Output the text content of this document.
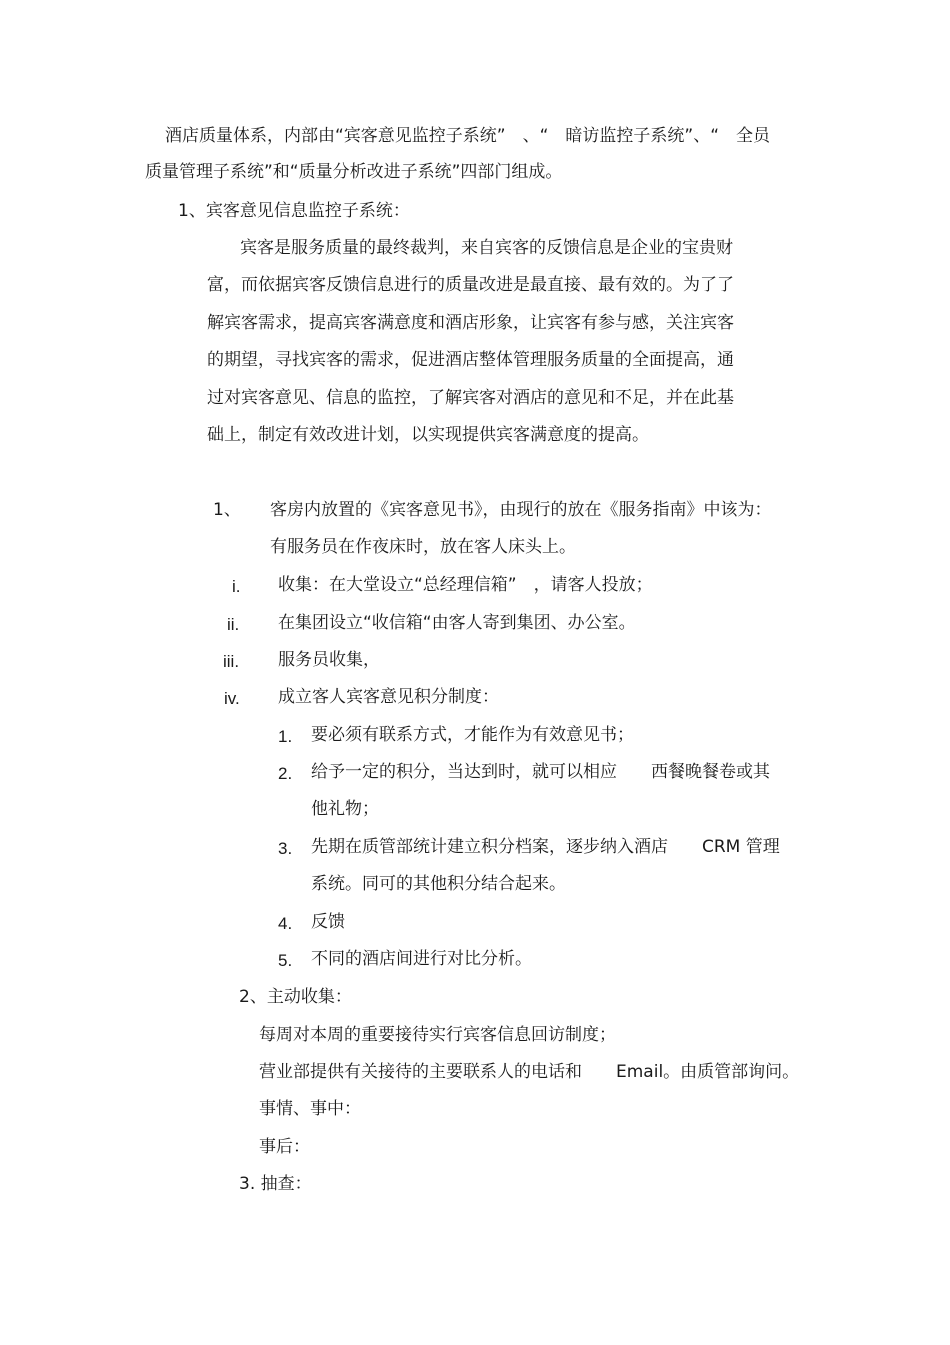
酒店质量体系，内部由“宾客意见监控子系统”　、“　暗访监控子系统”、“　全员
质量管理子系统”和“质量分析改进子系统”四部门组成。
1、宾客意见信息监控子系统：
宾客是服务质量的最终裁判，来自宾客的反馈信息是企业的宝贵财
富，而依据宾客反馈信息进行的质量改进是最直接、最有效的。为了了
解宾客需求，提高宾客满意度和酒店形象，让宾客有参与感，关注宾客
的期望，寻找宾客的需求，促进酒店整体管理服务质量的全面提高，通
过对宾客意见、信息的监控，了解宾客对酒店的意见和不足，并在此基
础上，制定有效改进计划，以实现提供宾客满意度的提高。
1、 客房内放置的《宾客意见书》，由现行的放在《服务指南》中该为：
有服务员在作夜床时，放在客人床头上。
i. 收集：在大堂设立“总经理信箱”　，请客人投放；
ii. 在集团设立“收信箱“由客人寄到集团、办公室。
iii. 服务员收集，
iv. 成立客人宾客意见积分制度：
1. 要必须有联系方式，才能作为有效意见书；
2. 给予一定的积分，当达到时，就可以相应　　西餐晚餐卷或其
他礼物；
3. 先期在质管部统计建立积分档案，逐步纳入酒店　　CRM 管理
系统。同可的其他积分结合起来。
4. 反馈
5. 不同的酒店间进行对比分析。
2、主动收集：
每周对本周的重要接待实行宾客信息回访制度；
营业部提供有关接待的主要联系人的电话和　　Email。由质管部询问。
事情、事中：
事后：
3. 抽查：
